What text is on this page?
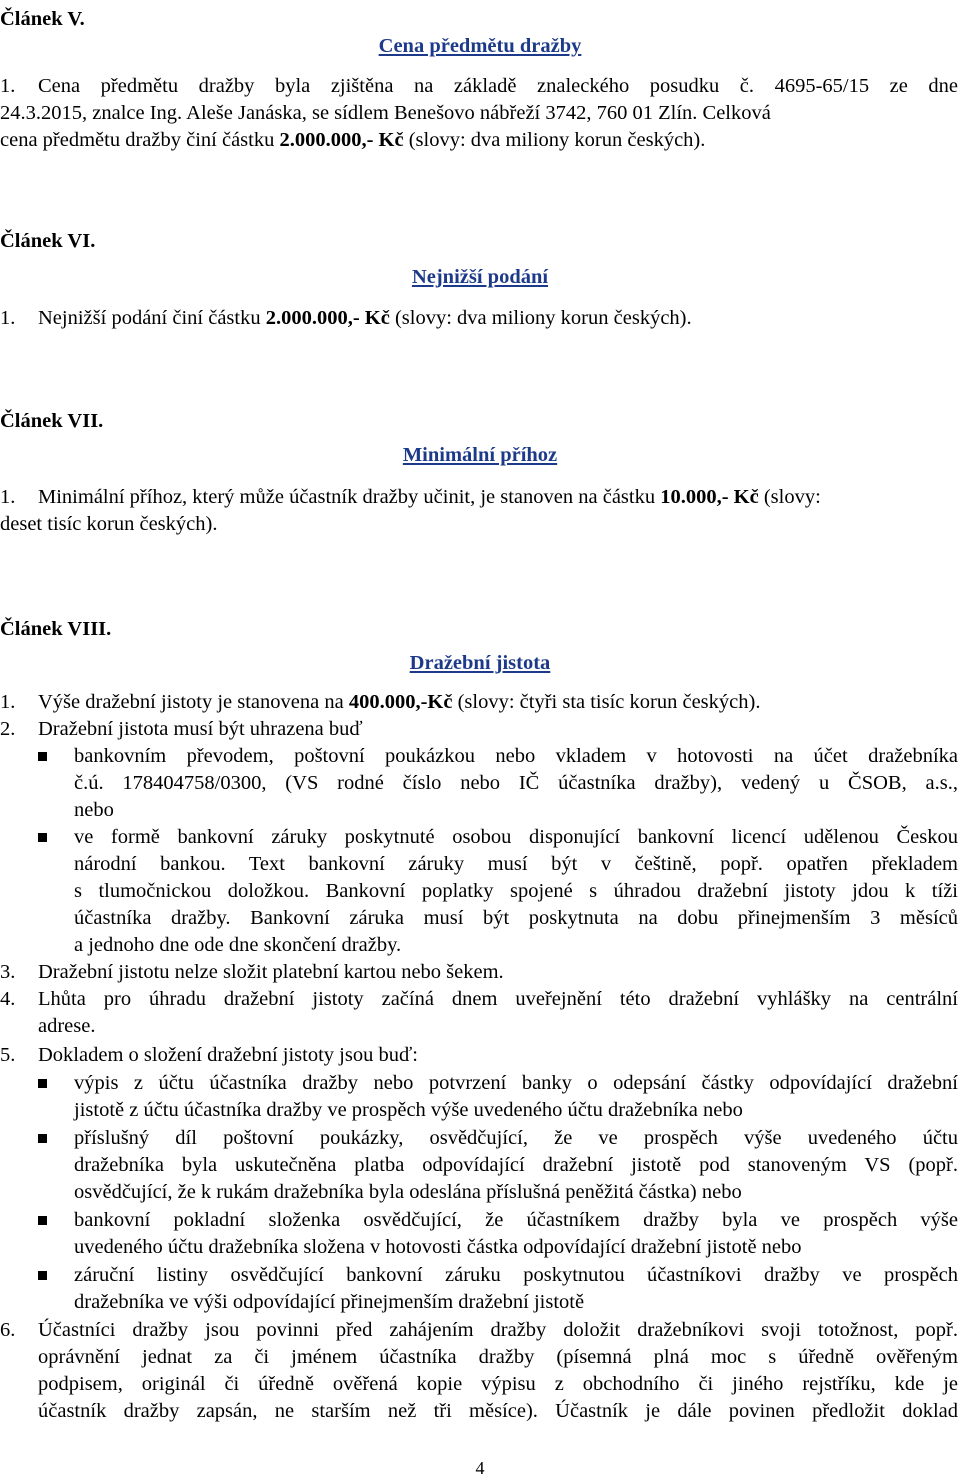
Článek V.
Cena předmětu dražby
1. Cena předmětu dražby byla zjištěna na základě znaleckého posudku č. 4695-65/15 ze dne
24.3.2015, znalce Ing. Aleše Janáska, se sídlem Benešovo nábřeží 3742, 760 01 Zlín. Celková
cena předmětu dražby činí částku 2.000.000,- Kč (slovy: dva miliony korun českých).
Článek VI.
Nejnižší podání
1. Nejnižší podání činí částku 2.000.000,- Kč (slovy: dva miliony korun českých).
Článek VII.
Minimální příhoz
1. Minimální příhoz, který může účastník dražby učinit, je stanoven na částku 10.000,- Kč (slovy:
deset tisíc korun českých).
Článek VIII.
Dražební jistota
1. Výše dražební jistoty je stanovena na 400.000,-Kč (slovy: čtyři sta tisíc korun českých).
2. Dražební jistota musí být uhrazena buď
bankovním převodem, poštovní poukázkou nebo vkladem v hotovosti na účet dražebníka
č.ú. 178404758/0300, (VS rodné číslo nebo IČ účastníka dražby), vedený u ČSOB, a.s.,
nebo
ve formě bankovní záruky poskytnuté osobou disponující bankovní licencí udělenou Českou
národní bankou. Text bankovní záruky musí být v češtině, popř. opatřen překladem
s tlumočnickou doložkou. Bankovní poplatky spojené s úhradou dražební jistoty jdou k tíži
účastníka dražby. Bankovní záruka musí být poskytnuta na dobu přinejmenším 3 měsíců
a jednoho dne ode dne skončení dražby.
3. Dražební jistotu nelze složit platební kartou nebo šekem.
4. Lhůta pro úhradu dražební jistoty začíná dnem uveřejnění této dražební vyhlášky na centrální
adrese.
5. Dokladem o složení dražební jistoty jsou buď:
výpis z účtu účastníka dražby nebo potvrzení banky o odepsání částky odpovídající dražební
jistotě z účtu účastníka dražby ve prospěch výše uvedeného účtu dražebníka nebo
příslušný díl poštovní poukázky, osvědčující, že ve prospěch výše uvedeného účtu
dražebníka byla uskutečněna platba odpovídající dražební jistotě pod stanoveným VS (popř.
osvědčující, že k rukám dražebníka byla odeslána příslušná peněžitá částka) nebo
bankovní pokladní složenka osvědčující, že účastníkem dražby byla ve prospěch výše
uvedeného účtu dražebníka složena v hotovosti částka odpovídající dražební jistotě nebo
záruční listiny osvědčující bankovní záruku poskytnutou účastníkovi dražby ve prospěch
dražebníka ve výši odpovídající přinejmenším dražební jistotě
6. Účastníci dražby jsou povinni před zahájením dražby doložit dražebníkovi svoji totožnost, popř.
oprávnění jednat za či jménem účastníka dražby (písemná plná moc s úředně ověřeným
podpisem, originál či úředně ověřená kopie výpisu z obchodního či jiného rejstříku, kde je
účastník dražby zapsán, ne starším než tři měsíce). Účastník je dále povinen předložit doklad
4
